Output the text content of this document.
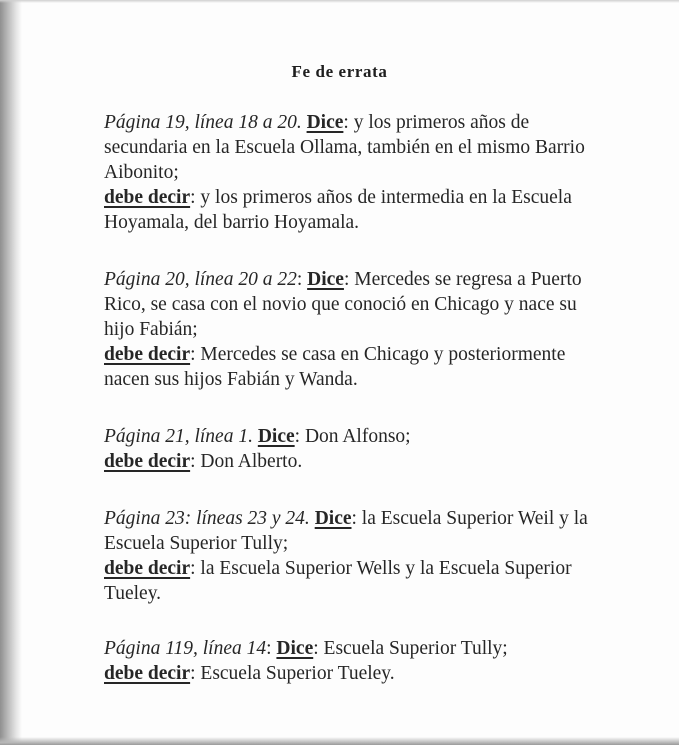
Fe de errata

Página 19, línea 18 a 20. Dice: y los primeros años de secundaria en la Escuela Ollama, también en el mismo Barrio Aibonito;

debe decir: y los primeros años de intermedia en la Escuela Hoyamala, del barrio Hoyamala.

Página 20, línea 20 a 22: Dice: Mercedes se regresa a Puerto Rico, se casa con el novio que conoció en Chicago y nace su hijo Fabián;

debe decir: Mercedes se casa en Chicago y posteriormente nacen sus hijos Fabián y Wanda.

Página 21, línea 1. Dice: Don Alfonso;

debe decir: Don Alberto.

Página 23: líneas 23 y 24. Dice: la Escuela Superior Weil y la Escuela Superior Tully;

debe decir: la Escuela Superior Wells y la Escuela Superior Tueley.

Página 119, línea 14: Dice: Escuela Superior Tully;

debe decir: Escuela Superior Tueley.
